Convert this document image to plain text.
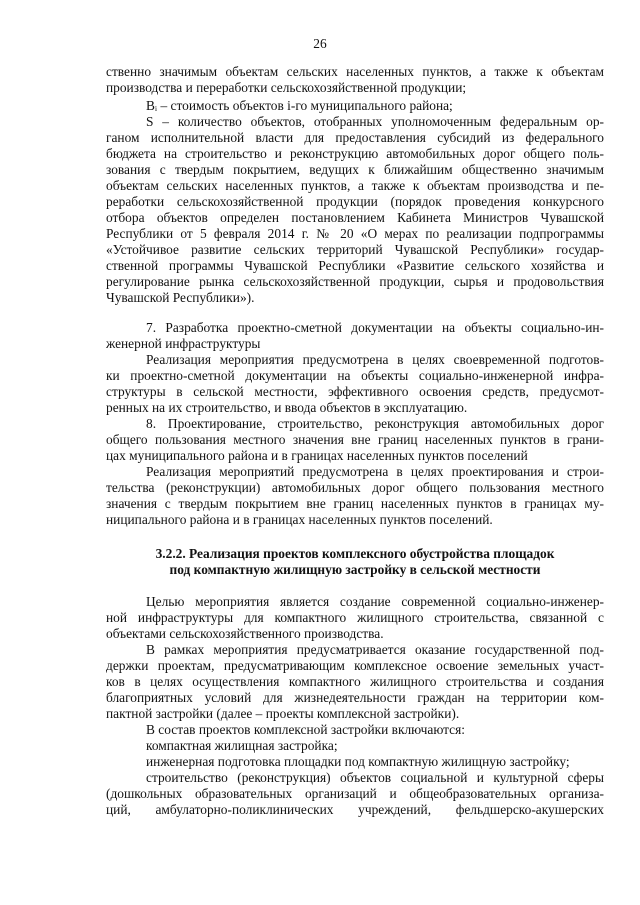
26
ственно значимым объектам сельских населенных пунктов, а также к объектам
производства и переработки сельскохозяйственной продукции;
Bᵢ – стоимость объектов i-го муниципального района;
S – количество объектов, отобранных уполномоченным федеральным ор-
ганом исполнительной власти для предоставления субсидий из федерального
бюджета на строительство и реконструкцию автомобильных дорог общего поль-
зования с твердым покрытием, ведущих к ближайшим общественно значимым
объектам сельских населенных пунктов, а также к объектам производства и пе-
реработки сельскохозяйственной продукции (порядок проведения конкурсного
отбора объектов определен постановлением Кабинета Министров Чувашской
Республики от 5 февраля 2014 г. № 20 «О мерах по реализации подпрограммы
«Устойчивое развитие сельских территорий Чувашской Республики» государ-
ственной программы Чувашской Республики «Развитие сельского хозяйства и
регулирование рынка сельскохозяйственной продукции, сырья и продовольствия
Чувашской Республики»).
7. Разработка проектно-сметной документации на объекты социально-ин-
женерной инфраструктуры
Реализация мероприятия предусмотрена в целях своевременной подготов-
ки проектно-сметной документации на объекты социально-инженерной инфра-
структуры в сельской местности, эффективного освоения средств, предусмот-
ренных на их строительство, и ввода объектов в эксплуатацию.
8. Проектирование, строительство, реконструкция автомобильных дорог
общего пользования местного значения вне границ населенных пунктов в грани-
цах муниципального района и в границах населенных пунктов поселений
Реализация мероприятий предусмотрена в целях проектирования и строи-
тельства (реконструкции) автомобильных дорог общего пользования местного
значения с твердым покрытием вне границ населенных пунктов в границах му-
ниципального района и в границах населенных пунктов поселений.
3.2.2. Реализация проектов комплексного обустройства площадок
под компактную жилищную застройку в сельской местности
Целью мероприятия является создание современной социально-инженер-
ной инфраструктуры для компактного жилищного строительства, связанной с
объектами сельскохозяйственного производства.
В рамках мероприятия предусматривается оказание государственной под-
держки проектам, предусматривающим комплексное освоение земельных участ-
ков в целях осуществления компактного жилищного строительства и создания
благоприятных условий для жизнедеятельности граждан на территории ком-
пактной застройки (далее – проекты комплексной застройки).
В состав проектов комплексной застройки включаются:
компактная жилищная застройка;
инженерная подготовка площадки под компактную жилищную застройку;
строительство (реконструкция) объектов социальной и культурной сферы
(дошкольных образовательных организаций и общеобразовательных организа-
ций, амбулаторно-поликлинических учреждений, фельдшерско-акушерских
